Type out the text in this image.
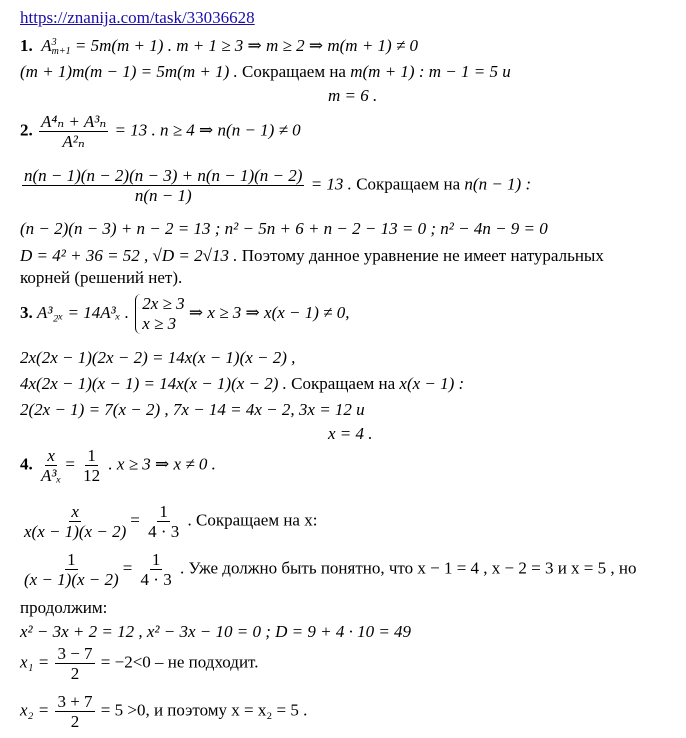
https://znanija.com/task/33036628
1.  A3
m+1 = 5m(m + 1) . m + 1 ≥ 3 ⇒ m ≥ 2 ⇒ m(m + 1) ≠ 0
(m + 1)m(m − 1) = 5m(m + 1) . Сокращаем на m(m + 1) : m − 1 = 5 и
m = 6 .
2. $\frac{\text{A⁴ₙ + A³ₙ}}{\text{A²ₙ}} = 13$ . n ≥ 4 ⇒ n(n − 1) ≠ 0
$\frac{n(n - 1)(n - 2)(n - 3) + n(n - 1)(n - 2)}{n(n - 1)} = 13$ . Сокращаем на n(n − 1) :
(n − 2)(n − 3) + n − 2 = 13 ; n² − 5n + 6 + n − 2 − 13 = 0 ; n² − 4n − 9 = 0
D = 4² + 36 = 52 , √D = 2√13 . Поэтому данное уравнение не имеет натуральных
корней (решений нет).
3. A³₂ₓ = 14A³ₓ . 2x ≥ 3
x ≥ 3
⇒ x ≥ 3 ⇒ x(x − 1) ≠ 0,
2x(2x − 1)(2x − 2) = 14x(x − 1)(x − 2) ,
4x(2x − 1)(x − 1) = 14x(x − 1)(x − 2) . Сокращаем на x(x − 1) :
2(2x − 1) = 7(x − 2) , 7x − 14 = 4x − 2, 3x = 12 и
x = 4 .
4. $\frac{x}{\text{A³ₓ}} = \frac{1}{12}$ . x ≥ 3 ⇒ x ≠ 0 .
$\frac{x}{x(x - 1)(x - 2)} = \frac{1}{4 \cdot 3}$ . Сокращаем на x:
$\frac{1}{(x - 1)(x - 2)} = \frac{1}{4 \cdot 3}$ . Уже должно быть понятно, что x − 1 = 4 , x − 2 = 3 и x = 5 , но
продолжим:
x² − 3x + 2 = 12 , x² − 3x − 10 = 0 ; D = 9 + 4 · 10 = 49
$x_1 = \frac{3 - 7}{2} = -2<0$ – не подходит.
$x_2 = \frac{3 + 7}{2} = 5 >0$, и поэтому x = x₂ = 5 .
